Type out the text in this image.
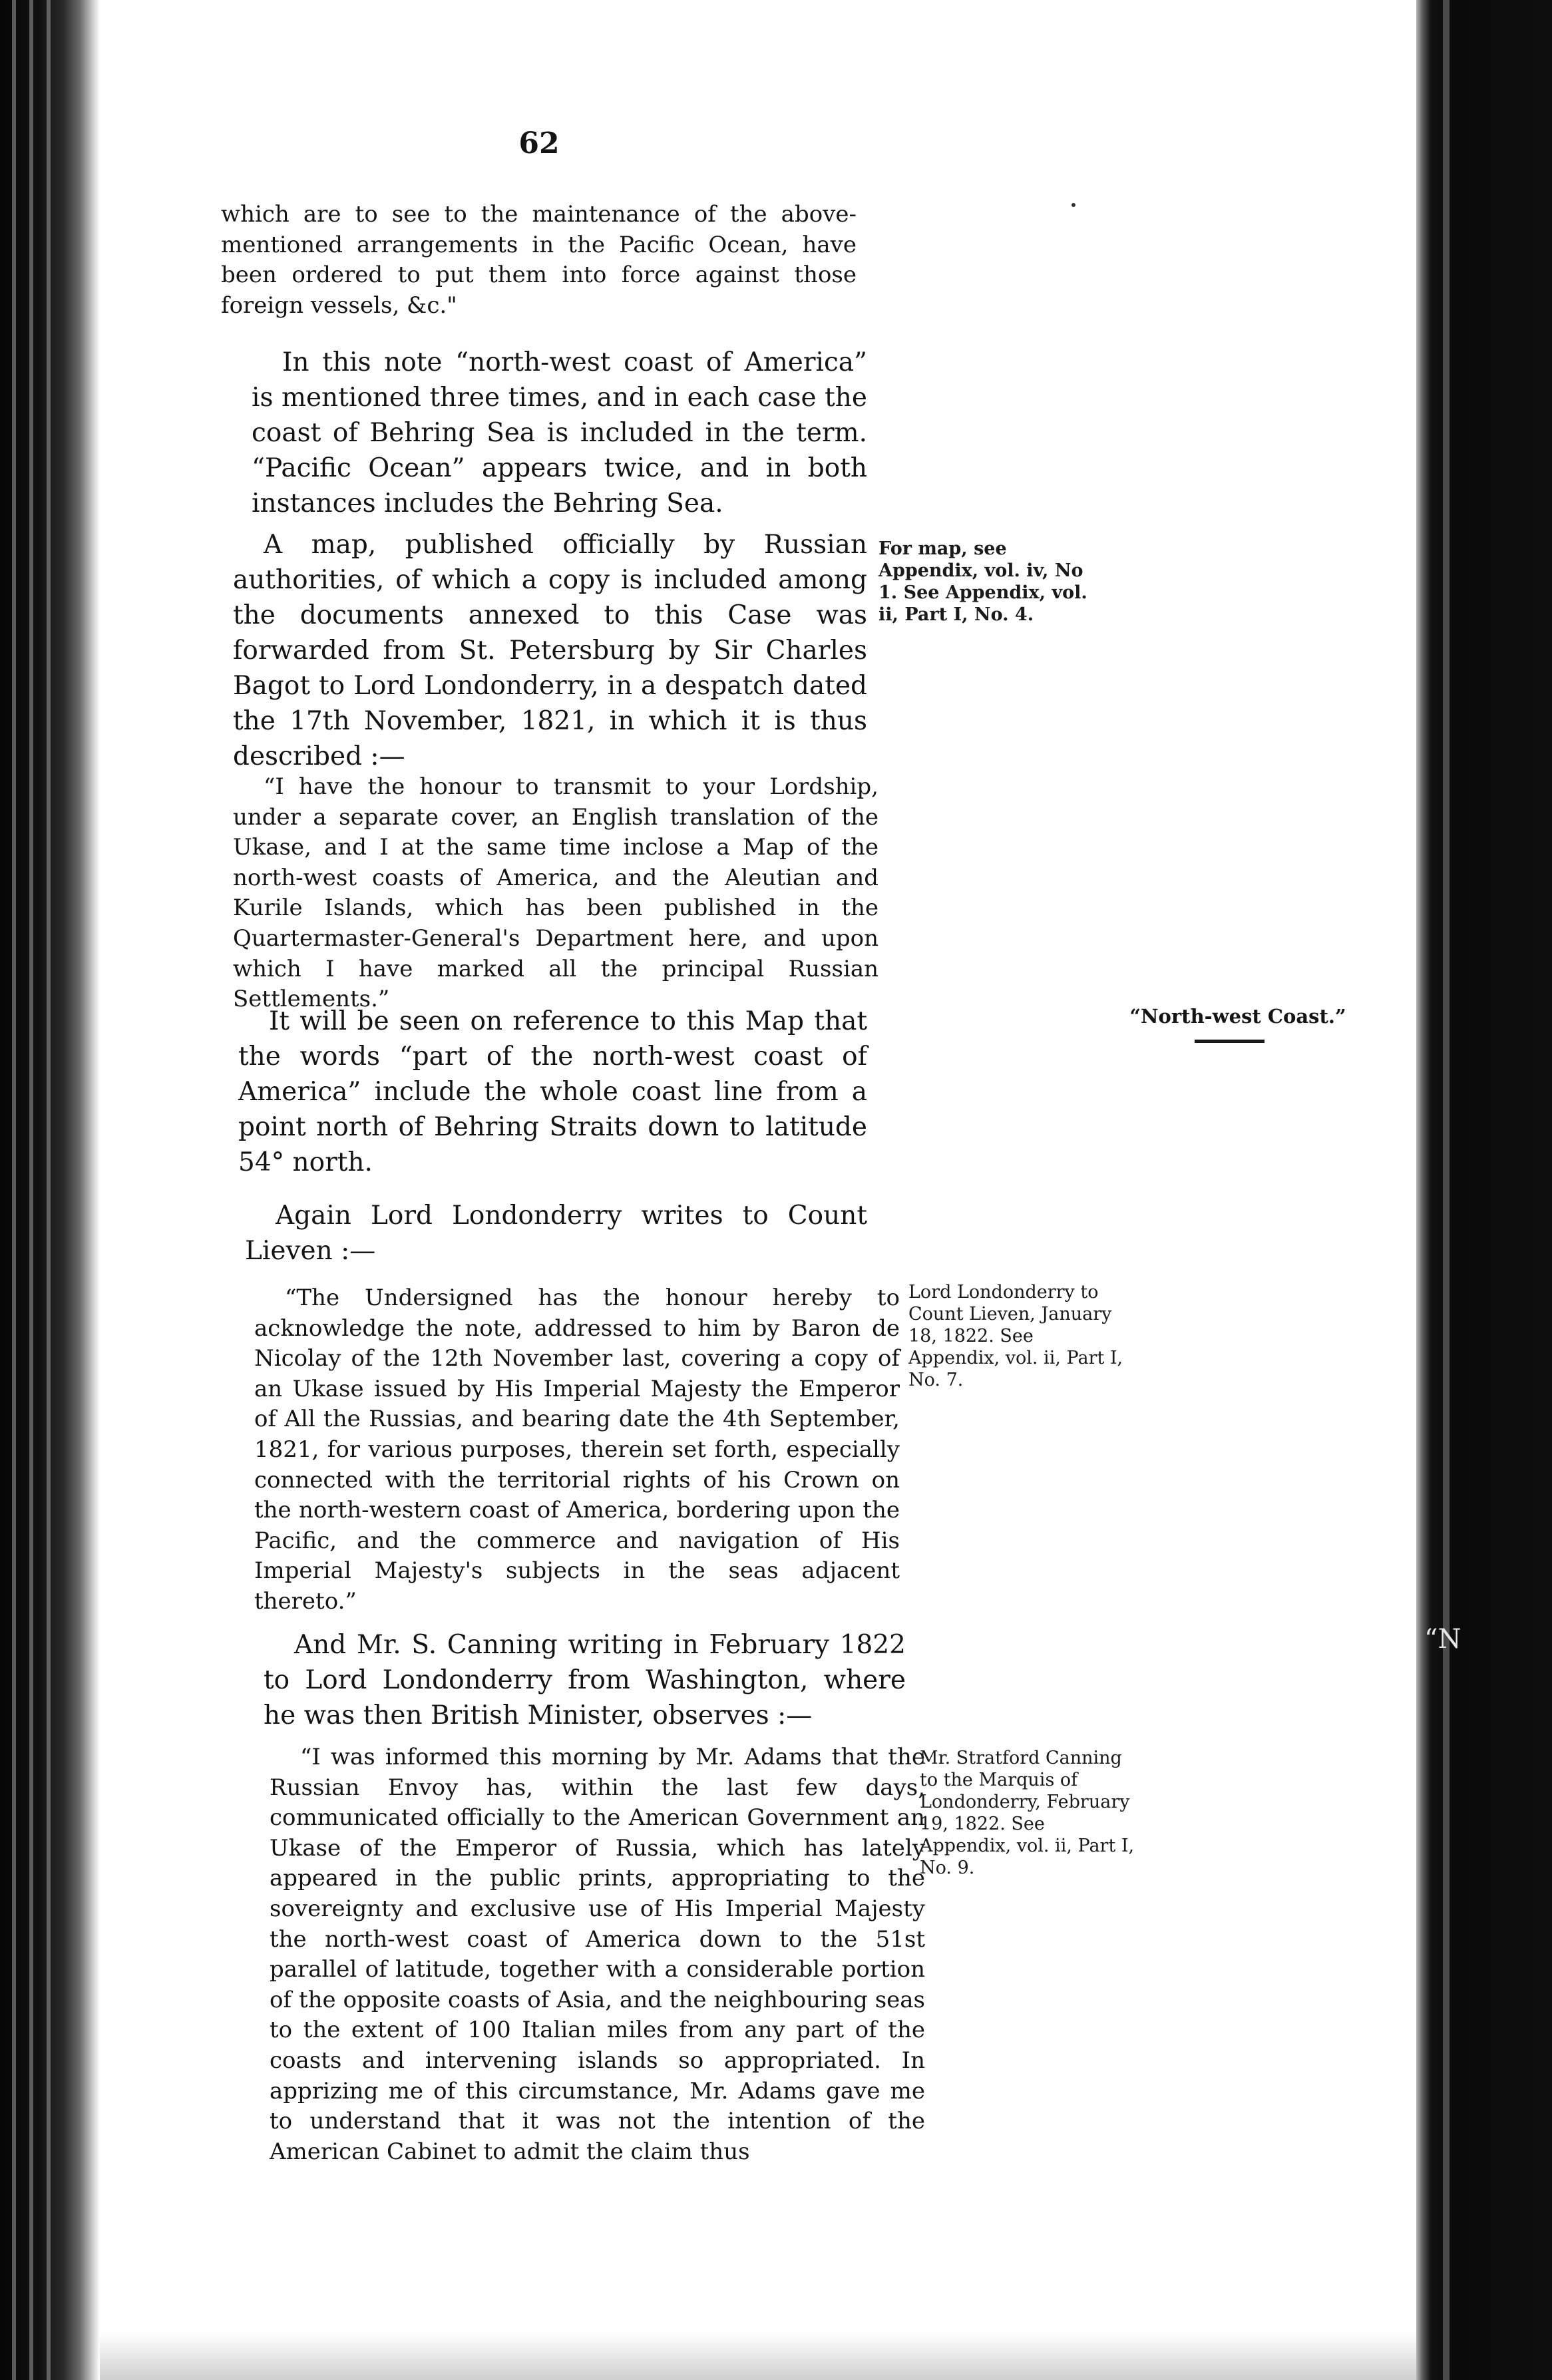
“N
62

which are to see to the maintenance of the above-mentioned arrangements in the Pacific Ocean, have been ordered to put them into force against those foreign vessels, &c."

In this note “north-west coast of America” is mentioned three times, and in each case the coast of Behring Sea is included in the term. “Pacific Ocean” appears twice, and in both instances includes the Behring Sea.

A map, published officially by Russian authorities, of which a copy is included among the documents annexed to this Case was forwarded from St. Petersburg by Sir Charles Bagot to Lord Londonderry, in a despatch dated the 17th November, 1821, in which it is thus described :—

“I have the honour to transmit to your Lordship, under a separate cover, an English translation of the Ukase, and I at the same time inclose a Map of the north-west coasts of America, and the Aleutian and Kurile Islands, which has been published in the Quartermaster-General's Department here, and upon which I have marked all the principal Russian Settlements.”

It will be seen on reference to this Map that the words “part of the north-west coast of America” include the whole coast line from a point north of Behring Straits down to latitude 54° north.

Again Lord Londonderry writes to Count Lieven :—

“The Undersigned has the honour hereby to acknowledge the note, addressed to him by Baron de Nicolay of the 12th November last, covering a copy of an Ukase issued by His Imperial Majesty the Emperor of All the Russias, and bearing date the 4th September, 1821, for various purposes, therein set forth, especially connected with the territorial rights of his Crown on the north-western coast of America, bordering upon the Pacific, and the commerce and navigation of His Imperial Majesty's subjects in the seas adjacent thereto.”

And Mr. S. Canning writing in February 1822 to Lord Londonderry from Washington, where he was then British Minister, observes :—

“I was informed this morning by Mr. Adams that the Russian Envoy has, within the last few days, communicated officially to the American Government an Ukase of the Emperor of Russia, which has lately appeared in the public prints, appropriating to the sovereignty and exclusive use of His Imperial Majesty the north-west coast of America down to the 51st parallel of latitude, together with a considerable portion of the opposite coasts of Asia, and the neighbouring seas to the extent of 100 Italian miles from any part of the coasts and intervening islands so appropriated. In apprizing me of this circumstance, Mr. Adams gave me to understand that it was not the intention of the American Cabinet to admit the claim thus

For map, see Appendix, vol. iv, No 1. See Appendix, vol. ii, Part I, No. 4.

“North-west Coast.”

Lord Londonderry to Count Lieven, January 18, 1822. See Appendix, vol. ii, Part I, No. 7.

Mr. Stratford Canning to the Marquis of Londonderry, February 19, 1822. See Appendix, vol. ii, Part I, No. 9.
